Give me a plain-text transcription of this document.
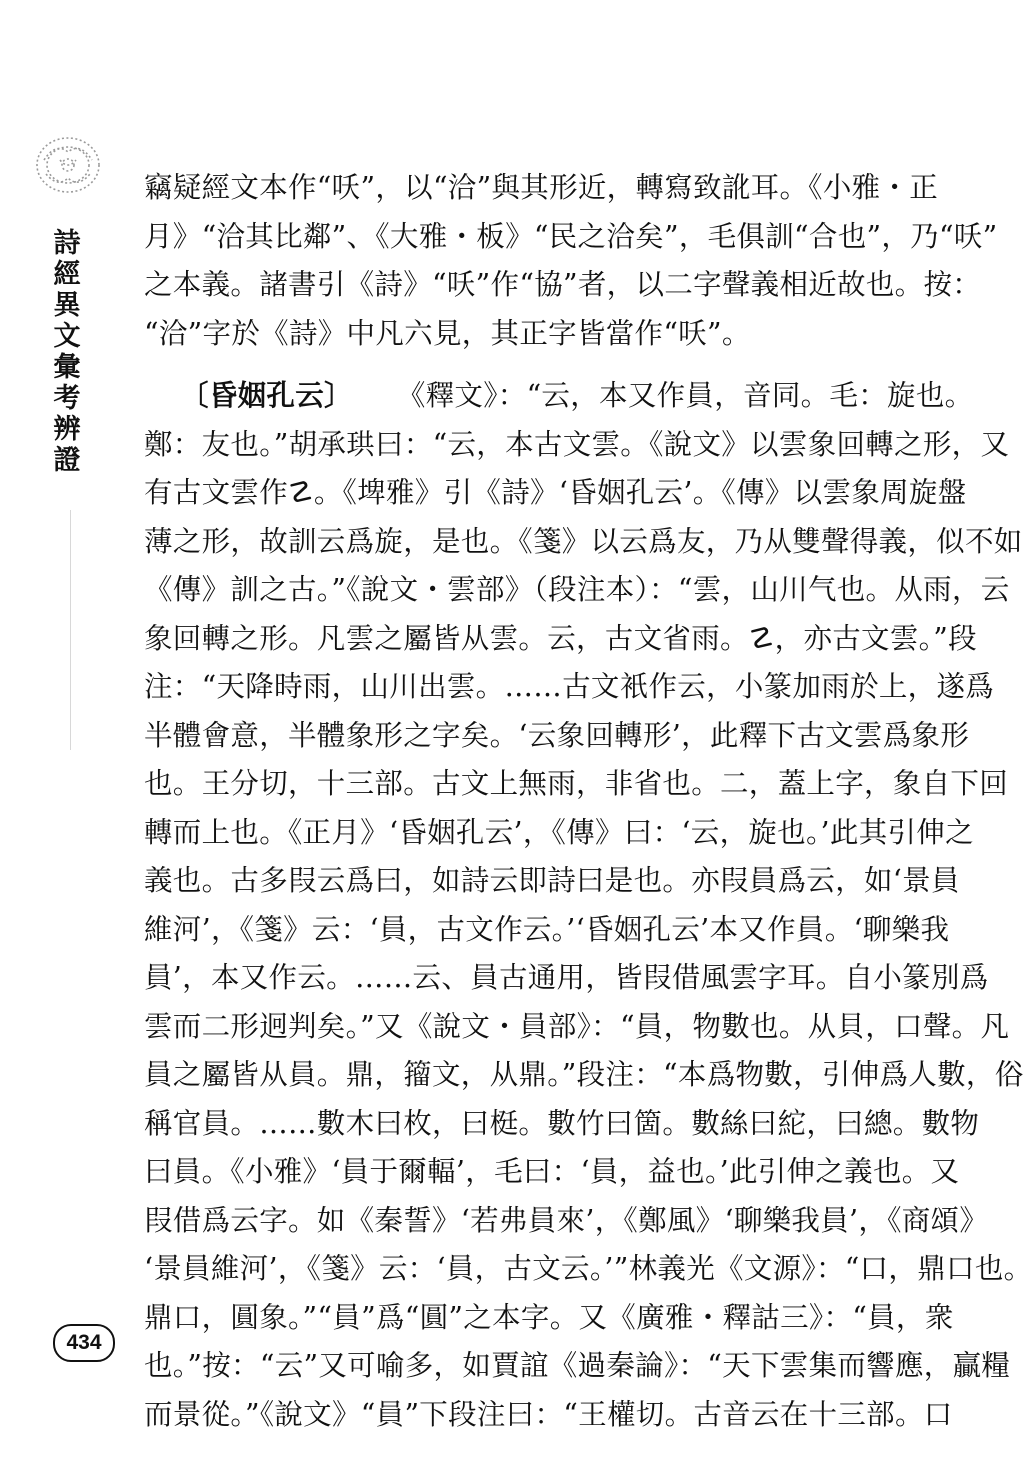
詩經異文彙考辨證
434
竊疑經文本作“㕭”，以“洽”與其形近，轉寫致訛耳。《小雅・正
月》“洽其比鄰”、《大雅・板》“民之洽矣”，毛俱訓“合也”，乃“㕭”
之本義。諸書引《詩》“㕭”作“協”者，以二字聲義相近故也。按：
“洽”字於《詩》中凡六見，其正字皆當作“㕭”。
〔昏姻孔云〕 《釋文》：“云，本又作員，音同。毛：旋也。
鄭：友也。”胡承珙曰：“云，本古文雲。《說文》以雲象回轉之形，又
有古文雲作☡。《埤雅》引《詩》‘昏姻孔云’。《傳》以雲象周旋盤
薄之形，故訓云爲旋，是也。《箋》以云爲友，乃从雙聲得義，似不如
《傳》訓之古。”《說文・雲部》（段注本）：“雲，山川气也。从雨，云
象回轉之形。凡雲之屬皆从雲。云，古文省雨。☡，亦古文雲。”段
注：“天降時雨，山川出雲。……古文衹作云，小篆加雨於上，遂爲
半體會意，半體象形之字矣。‘云象回轉形’，此釋下古文雲爲象形
也。王分切，十三部。古文上無雨，非省也。二，蓋上字，象自下回
轉而上也。《正月》‘昏姻孔云’，《傳》曰：‘云，旋也。’此其引伸之
義也。古多叚云爲曰，如詩云即詩曰是也。亦叚員爲云，如‘景員
維河’，《箋》云：‘員，古文作云。’‘昏姻孔云’本又作員。‘聊樂我
員’，本又作云。……云、員古通用，皆叚借風雲字耳。自小篆別爲
雲而二形迥判矣。”又《說文・員部》：“員，物數也。从貝，口聲。凡
員之屬皆从員。鼎，籀文，从鼎。”段注：“本爲物數，引伸爲人數，俗
稱官員。……數木曰枚，曰梃。數竹曰箇。數絲曰紽，曰總。數物
曰員。《小雅》‘員于爾輻’，毛曰：‘員，益也。’此引伸之義也。又
叚借爲云字。如《秦誓》‘若弗員來’，《鄭風》‘聊樂我員’，《商頌》
‘景員維河’，《箋》云：‘員，古文云。’”林義光《文源》：“口，鼎口也。
鼎口，圓象。”“員”爲“圓”之本字。又《廣雅・釋詁三》：“員，衆
也。”按：“云”又可喻多，如賈誼《過秦論》：“天下雲集而響應，贏糧
而景從。”《說文》“員”下段注曰：“王權切。古音云在十三部。口
